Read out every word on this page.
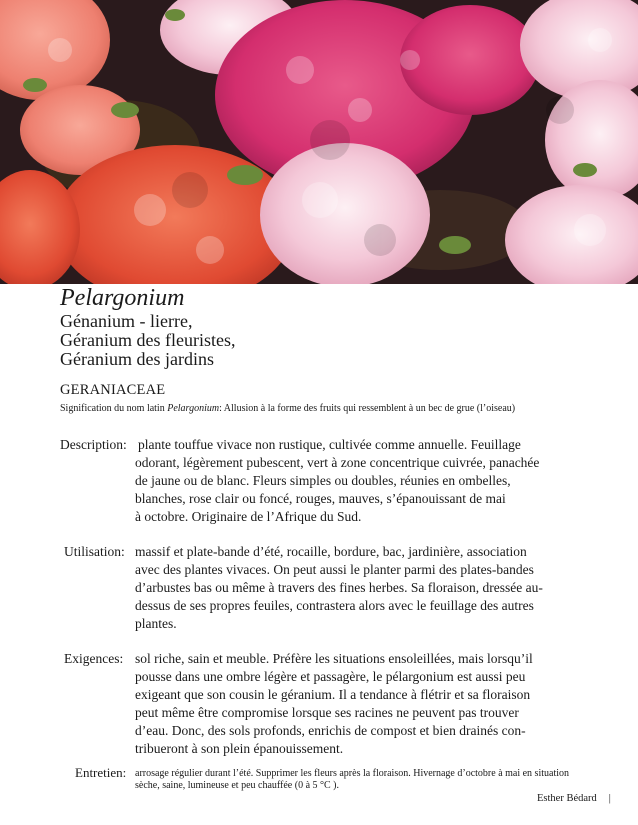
Pelargonium
Génanium - lierre,
Géranium des fleuristes,
Géranium des jardins
GERANIACEAE
Signification du nom latin Pelargonium: Allusion à la forme des fruits qui ressemblent à un bec de grue (l’oiseau)
Description: plante touffue vivace non rustique, cultivée comme annuelle. Feuillage
odorant, légèrement pubescent, vert à zone concentrique cuivrée, panachée
de jaune ou de blanc. Fleurs simples ou doubles, réunies en ombelles,
blanches, rose clair ou foncé, rouges, mauves, s’épanouissant de mai
à octobre. Originaire de l’Afrique du Sud.
Utilisation: massif et plate-bande d’été, rocaille, bordure, bac, jardinière, association
avec des plantes vivaces. On peut aussi le planter parmi des plates-bandes
d’arbustes bas ou même à travers des fines herbes. Sa floraison, dressée au-
dessus de ses propres feuiles, contrastera alors avec le feuillage des autres
plantes.
Exigences: sol riche, sain et meuble. Préfère les situations ensoleillées, mais lorsqu’il
pousse dans une ombre légère et passagère, le pélargonium est aussi peu
exigeant que son cousin le géranium. Il a tendance à flétrir et sa floraison
peut même être compromise lorsque ses racines ne peuvent pas trouver
d’eau. Donc, des sols profonds, enrichis de compost et bien drainés con-
tribueront à son plein épanouissement.
Entretien: arrosage régulier durant l’été. Supprimer les fleurs après la floraison. Hivernage d’octobre à mai en situation
sèche, saine, lumineuse et peu chauffée (0 à 5 °C ).
Esther Bédard |
